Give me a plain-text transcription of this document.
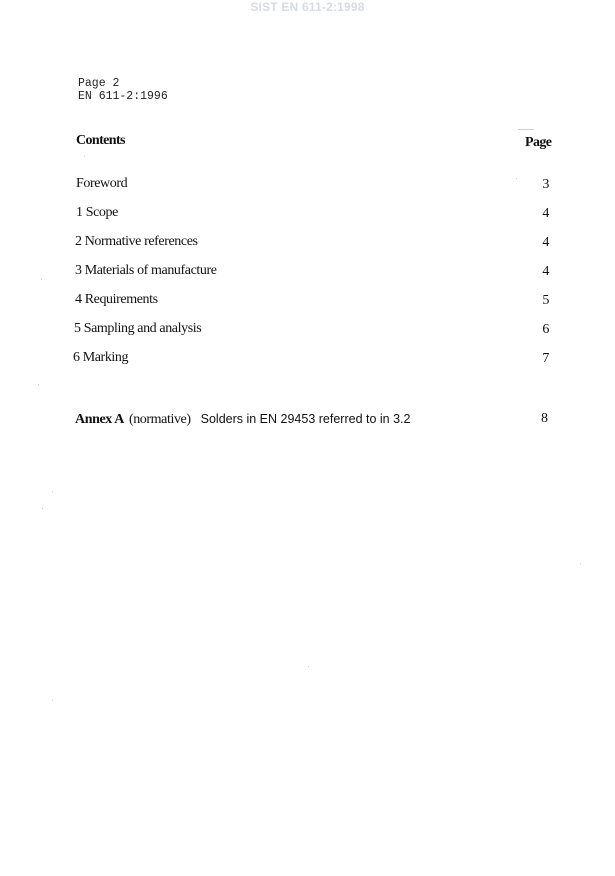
SIST EN 611-2:1998
Page 2
EN 611-2:1996
Contents	Page
Foreword	3
1 Scope	4
2 Normative references	4
3 Materials of manufacture	4
4 Requirements	5
5 Sampling and analysis	6
6 Marking	7
Annex A (normative) Solders in EN 29453 referred to in 3.2	8
